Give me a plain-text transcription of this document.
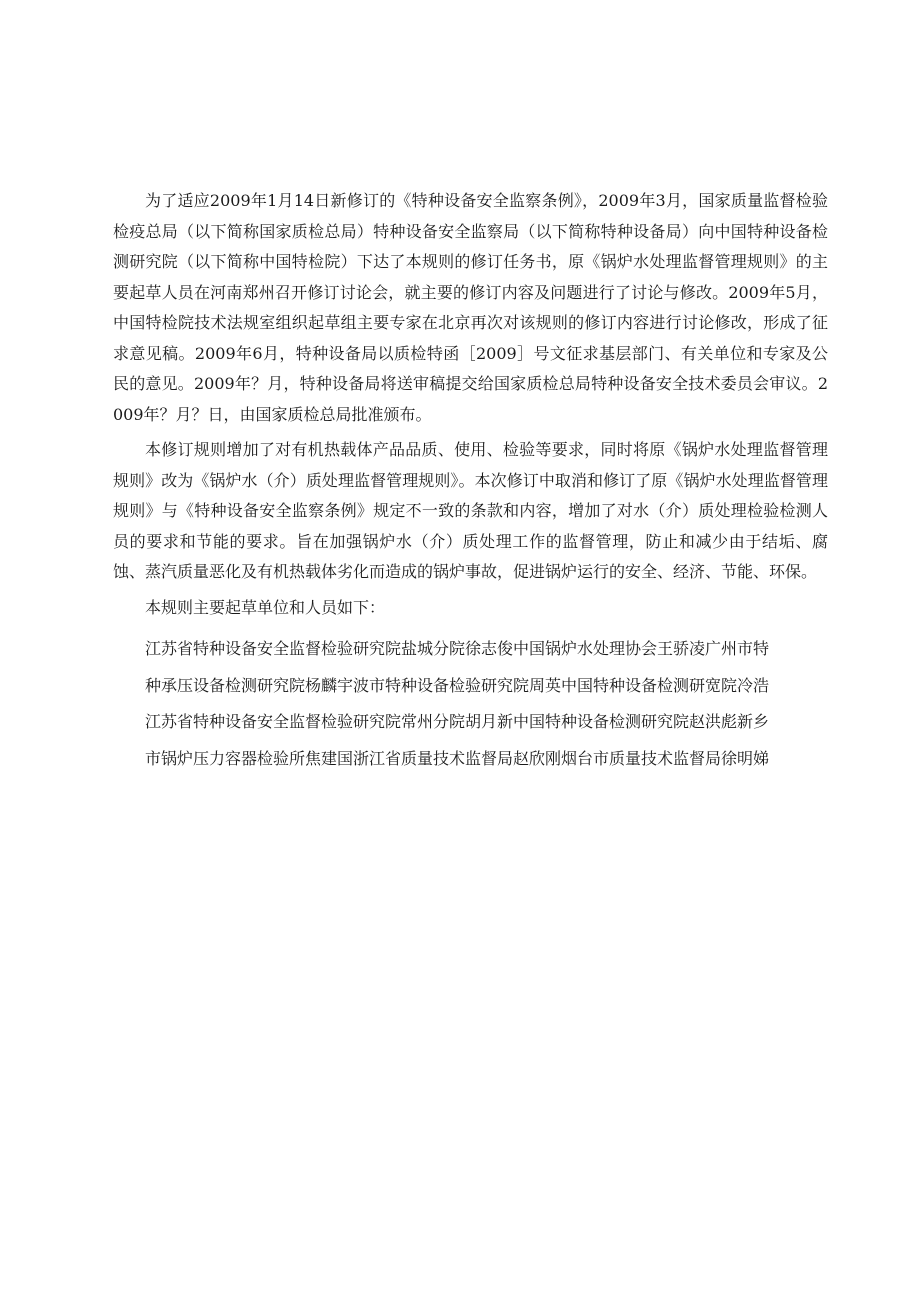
为了适应2009年1月14日新修订的《特种设备安全监察条例》，2009年3月，国家质量监督检验检疫总局（以下简称国家质检总局）特种设备安全监察局（以下简称特种设备局）向中国特种设备检测研究院（以下简称中国特检院）下达了本规则的修订任务书，原《锅炉水处理监督管理规则》的主要起草人员在河南郑州召开修订讨论会，就主要的修订内容及问题进行了讨论与修改。2009年5月，中国特检院技术法规室组织起草组主要专家在北京再次对该规则的修订内容进行讨论修改，形成了征求意见稿。2009年6月，特种设备局以质检特函［2009］号文征求基层部门、有关单位和专家及公民的意见。2009年？月，特种设备局将送审稿提交给国家质检总局特种设备安全技术委员会审议。2009年？月？日，由国家质检总局批准颁布。

本修订规则增加了对有机热载体产品品质、使用、检验等要求，同时将原《锅炉水处理监督管理规则》改为《锅炉水（介）质处理监督管理规则》。本次修订中取消和修订了原《锅炉水处理监督管理规则》与《特种设备安全监察条例》规定不一致的条款和内容，增加了对水（介）质处理检验检测人员的要求和节能的要求。旨在加强锅炉水（介）质处理工作的监督管理，防止和减少由于结垢、腐蚀、蒸汽质量恶化及有机热载体劣化而造成的锅炉事故，促进锅炉运行的安全、经济、节能、环保。

本规则主要起草单位和人员如下：

江苏省特种设备安全监督检验研究院盐城分院徐志俊中国锅炉水处理协会王骄凌广州市特
种承压设备检测研究院杨麟宇波市特种设备检验研究院周英中国特种设备检测研宽院冷浩
江苏省特种设备安全监督检验研究院常州分院胡月新中国特种设备检测研究院赵洪彪新乡
市锅炉压力容器检验所焦建国浙江省质量技术监督局赵欣刚烟台市质量技术监督局徐明娣
